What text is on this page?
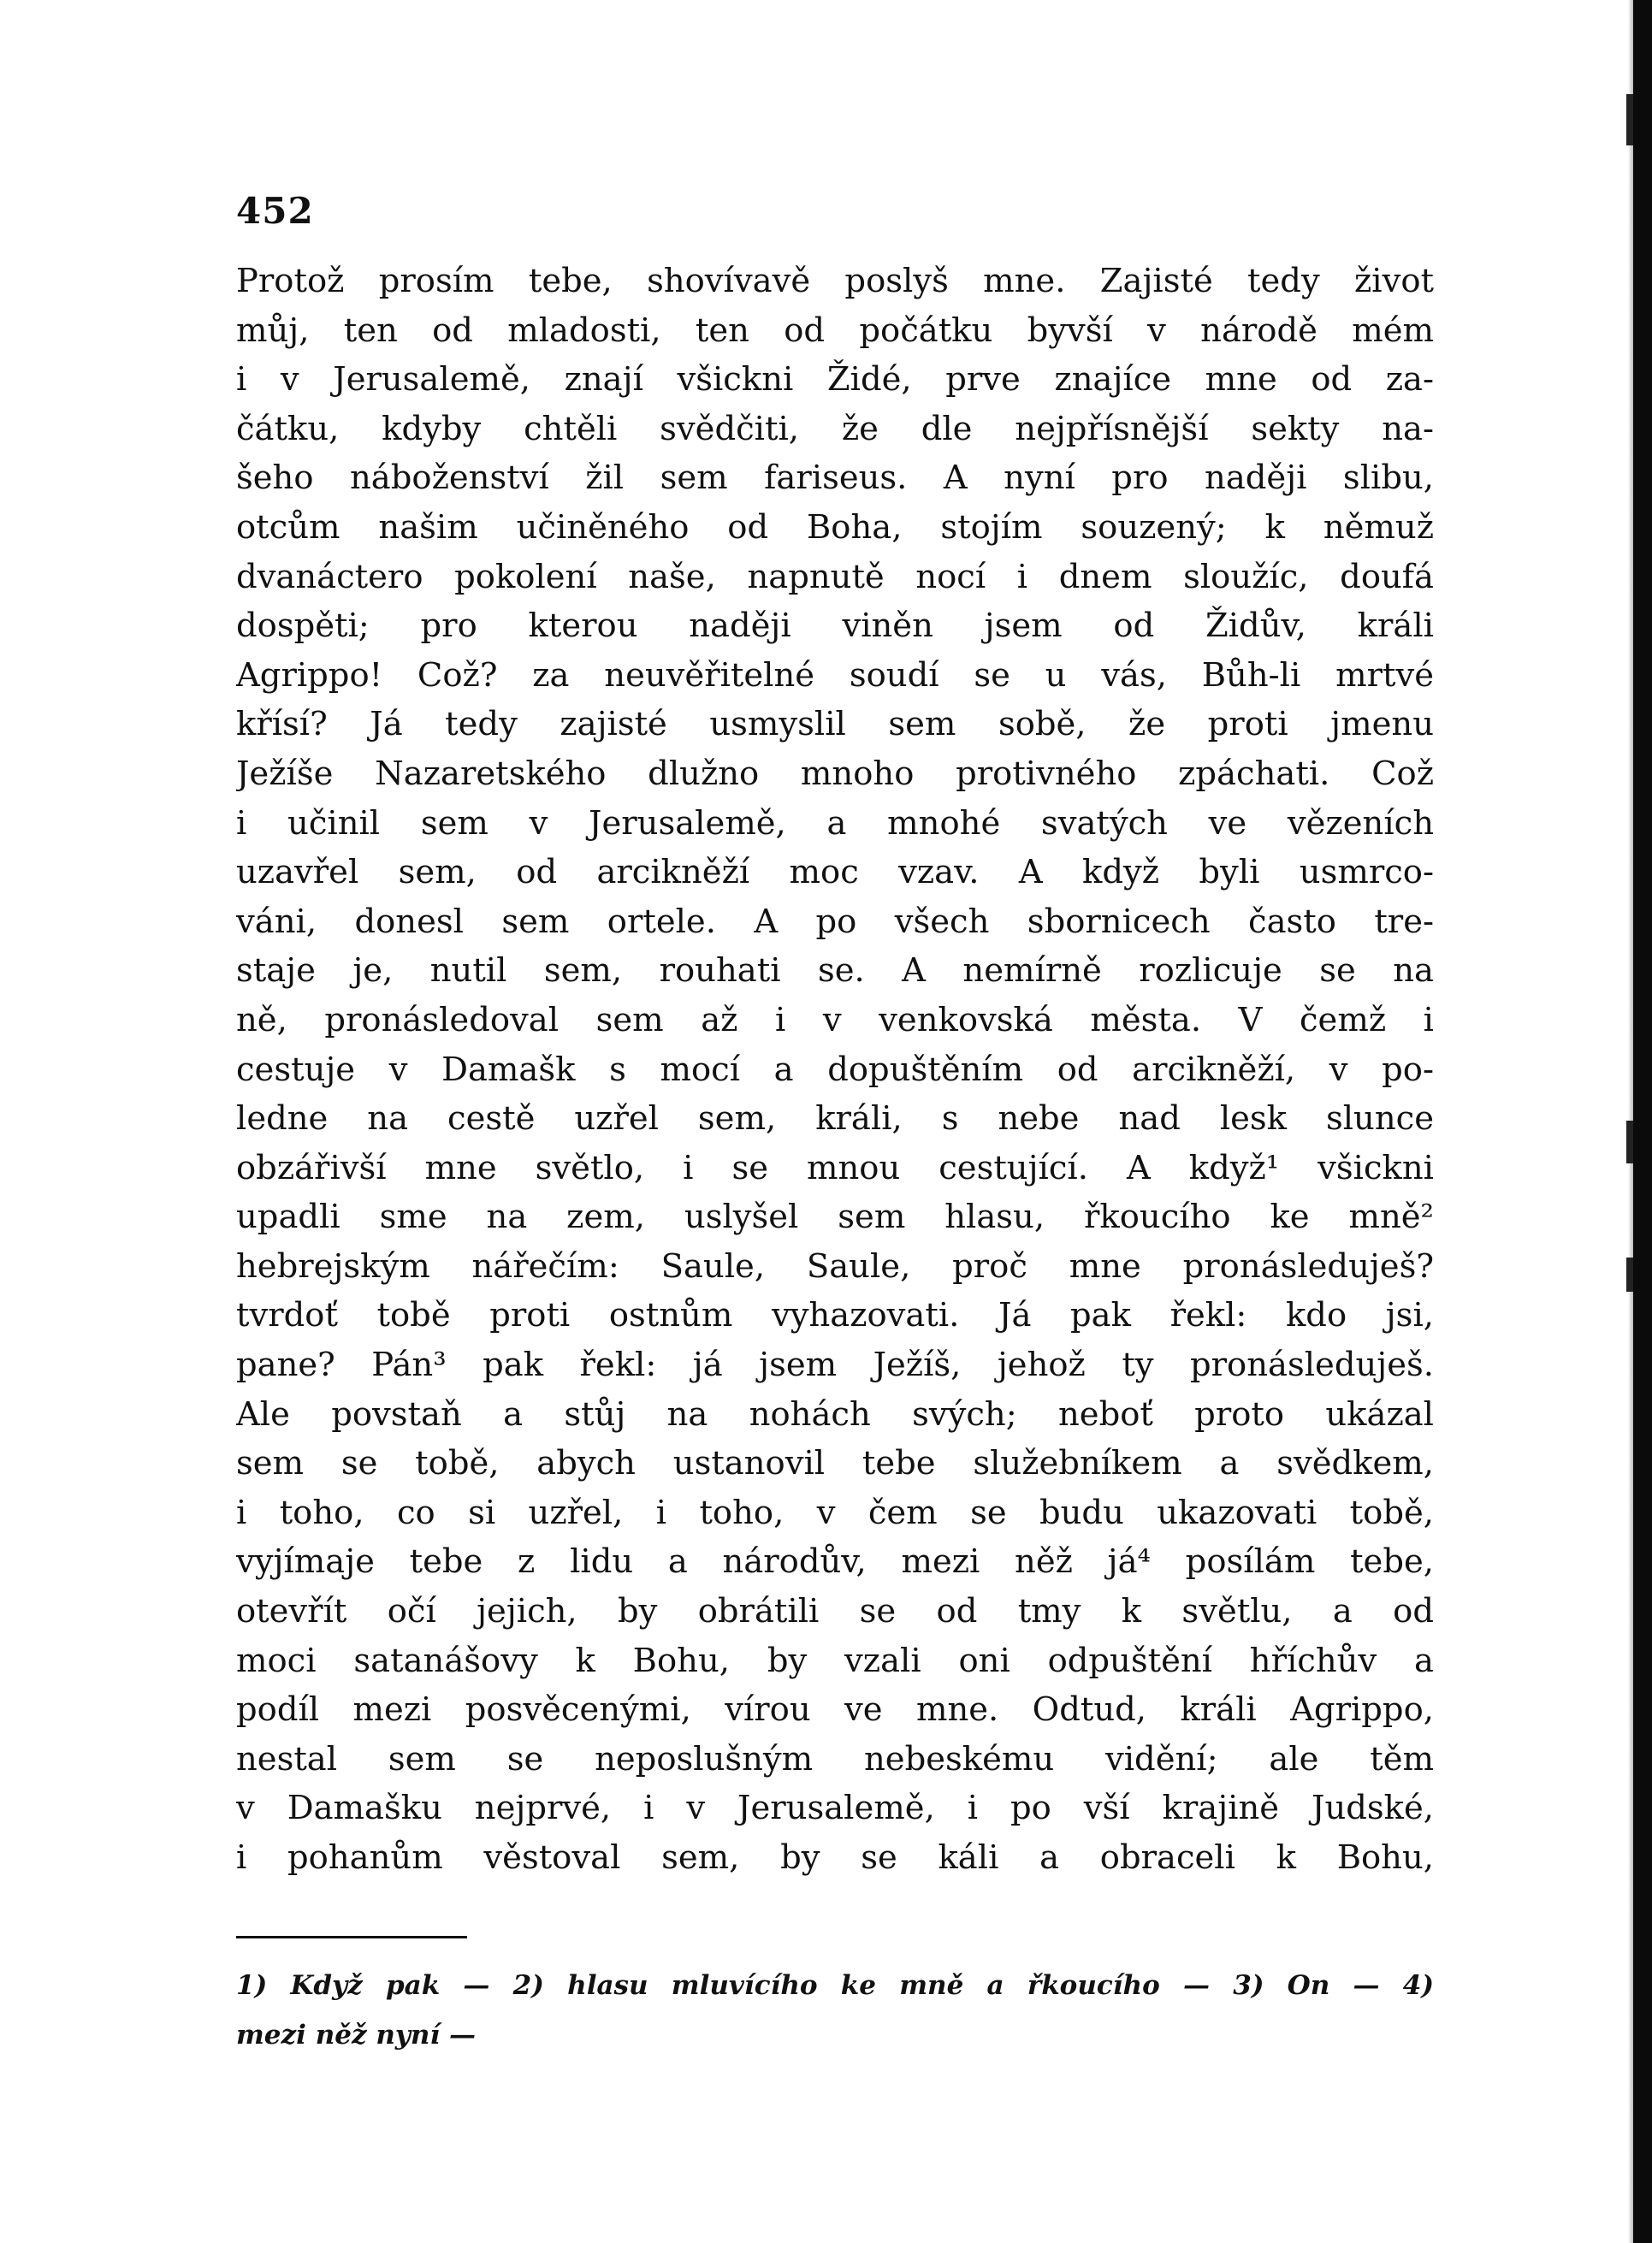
452
Protož prosím tebe, shovívavě poslyš mne. Zajisté tedy život
můj, ten od mladosti, ten od počátku byvší v národě mém
i v Jerusalemě, znají všickni Židé, prve znajíce mne od za-
čátku, kdyby chtěli svědčiti, že dle nejpřísnější sekty na-
šeho náboženství žil sem fariseus. A nyní pro naději slibu,
otcům našim učiněného od Boha, stojím souzený; k němuž
dvanáctero pokolení naše, napnutě nocí i dnem sloužíc, doufá
dospěti; pro kterou naději viněn jsem od Židův, králi
Agrippo! Což? za neuvěřitelné soudí se u vás, Bůh-li mrtvé
křísí? Já tedy zajisté usmyslil sem sobě, že proti jmenu
Ježíše Nazaretského dlužno mnoho protivného zpáchati. Což
i učinil sem v Jerusalemě, a mnohé svatých ve vězeních
uzavřel sem, od arcikněží moc vzav. A když byli usmrco-
váni, donesl sem ortele. A po všech sbornicech často tre-
staje je, nutil sem, rouhati se. A nemírně rozlicuje se na
ně, pronásledoval sem až i v venkovská města. V čemž i
cestuje v Damašk s mocí a dopuštěním od arcikněží, v po-
ledne na cestě uzřel sem, králi, s nebe nad lesk slunce
obzářivší mne světlo, i se mnou cestující. A když¹ všickni
upadli sme na zem, uslyšel sem hlasu, řkoucího ke mně²
hebrejským nářečím: Saule, Saule, proč mne pronásleduješ?
tvrdoť tobě proti ostnům vyhazovati. Já pak řekl: kdo jsi,
pane? Pán³ pak řekl: já jsem Ježíš, jehož ty pronásleduješ.
Ale povstaň a stůj na nohách svých; neboť proto ukázal
sem se tobě, abych ustanovil tebe služebníkem a svědkem,
i toho, co si uzřel, i toho, v čem se budu ukazovati tobě,
vyjímaje tebe z lidu a národův, mezi něž já⁴ posílám tebe,
otevřít očí jejich, by obrátili se od tmy k světlu, a od
moci satanášovy k Bohu, by vzali oni odpuštění hříchův a
podíl mezi posvěcenými, vírou ve mne. Odtud, králi Agrippo,
nestal sem se neposlušným nebeskému vidění; ale těm
v Damašku nejprvé, i v Jerusalemě, i po vší krajině Judské,
i pohanům věstoval sem, by se káli a obraceli k Bohu,
1) Když pak — 2) hlasu mluvícího ke mně a řkoucího — 3) On — 4)
mezi něž nyní —
